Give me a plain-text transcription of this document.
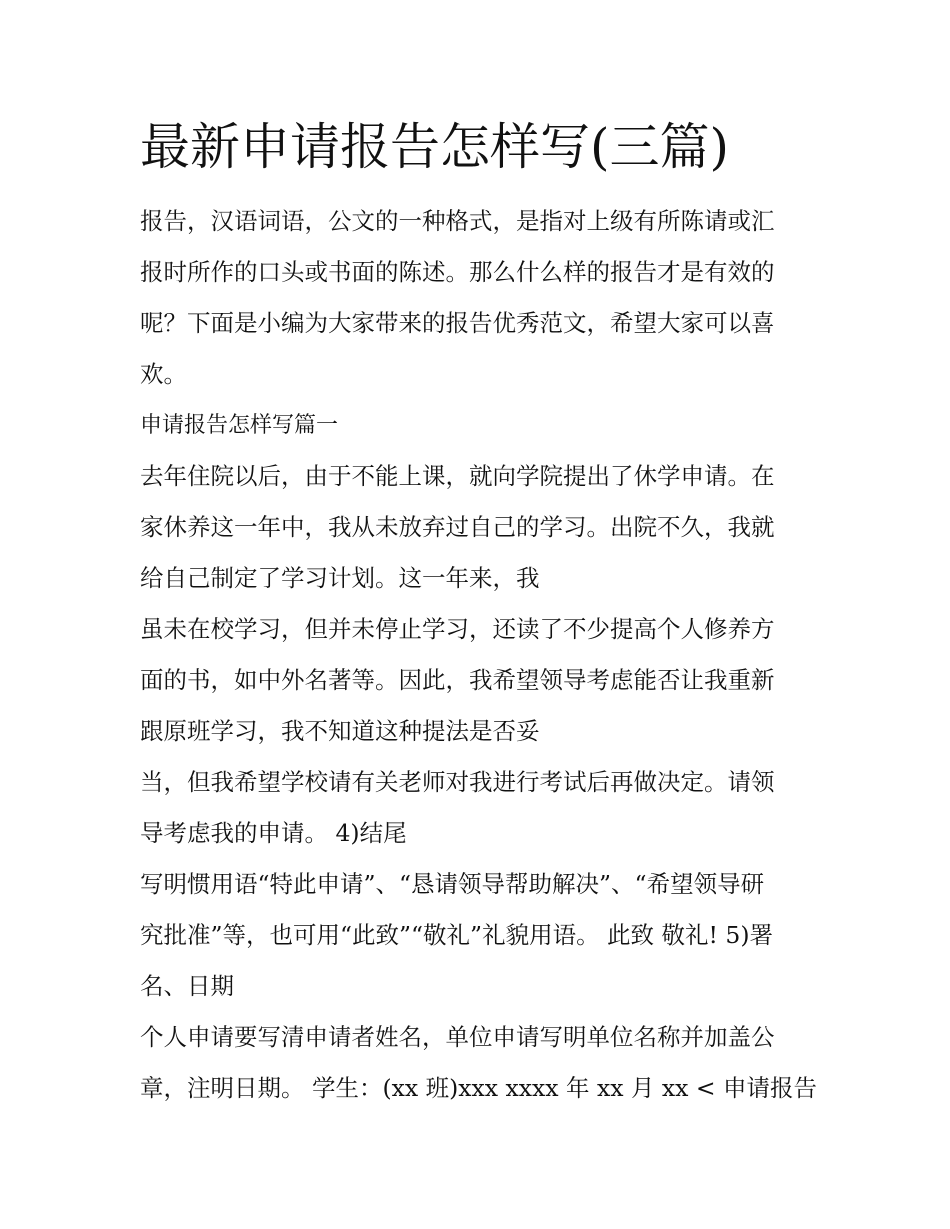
最新申请报告怎样写(三篇)
报告，汉语词语，公文的一种格式，是指对上级有所陈请或汇
报时所作的口头或书面的陈述。那么什么样的报告才是有效的
呢？下面是小编为大家带来的报告优秀范文，希望大家可以喜
欢。
申请报告怎样写篇一
去年住院以后，由于不能上课，就向学院提出了休学申请。在
家休养这一年中，我从未放弃过自己的学习。出院不久，我就
给自己制定了学习计划。这一年来，我
虽未在校学习，但并未停止学习，还读了不少提高个人修养方
面的书，如中外名著等。因此，我希望领导考虑能否让我重新
跟原班学习，我不知道这种提法是否妥
当，但我希望学校请有关老师对我进行考试后再做决定。请领
导考虑我的申请。 4)结尾
写明惯用语“特此申请”、“恳请领导帮助解决”、“希望领导研
究批准”等，也可用“此致”“敬礼”礼貌用语。 此致 敬礼! 5)署
名、日期
个人申请要写清申请者姓名，单位申请写明单位名称并加盖公
章，注明日期。 学生：(xx 班)xxx xxxx 年 xx 月 xx < 申请报告
